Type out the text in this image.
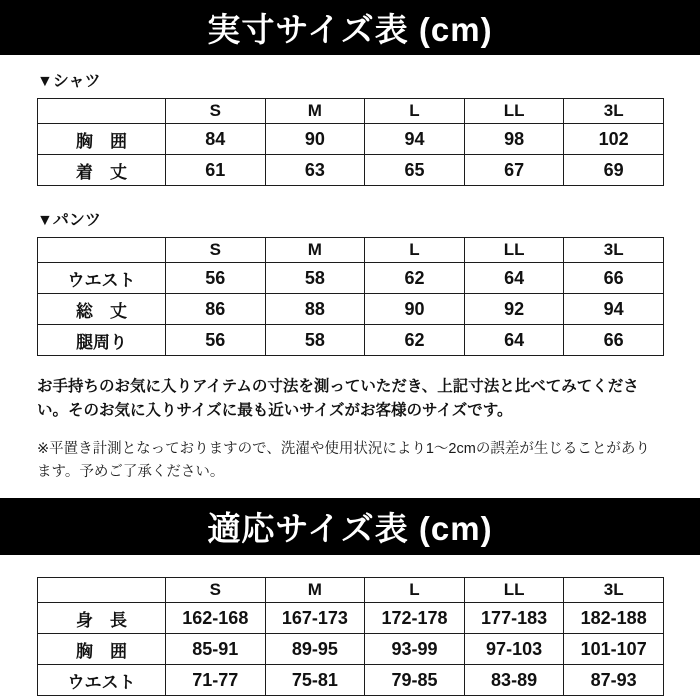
実寸サイズ表 (cm)
▼シャツ
	S	M	L	LL	3L
胸　囲	84	90	94	98	102
着　丈	61	63	65	67	69
▼パンツ
	S	M	L	LL	3L
ウエスト	56	58	62	64	66
総　丈	86	88	90	92	94
腿周り	56	58	62	64	66

お手持ちのお気に入りアイテムの寸法を測っていただき、上記寸法と比べてみてください。そのお気に入りサイズに最も近いサイズがお客様のサイズです。

※平置き計測となっておりますので、洗濯や使用状況により1～2cmの誤差が生じることがあります。予めご了承ください。

適応サイズ表 (cm)
	S	M	L	LL	3L
身　長	162-168	167-173	172-178	177-183	182-188
胸　囲	85-91	89-95	93-99	97-103	101-107
ウエスト	71-77	75-81	79-85	83-89	87-93
